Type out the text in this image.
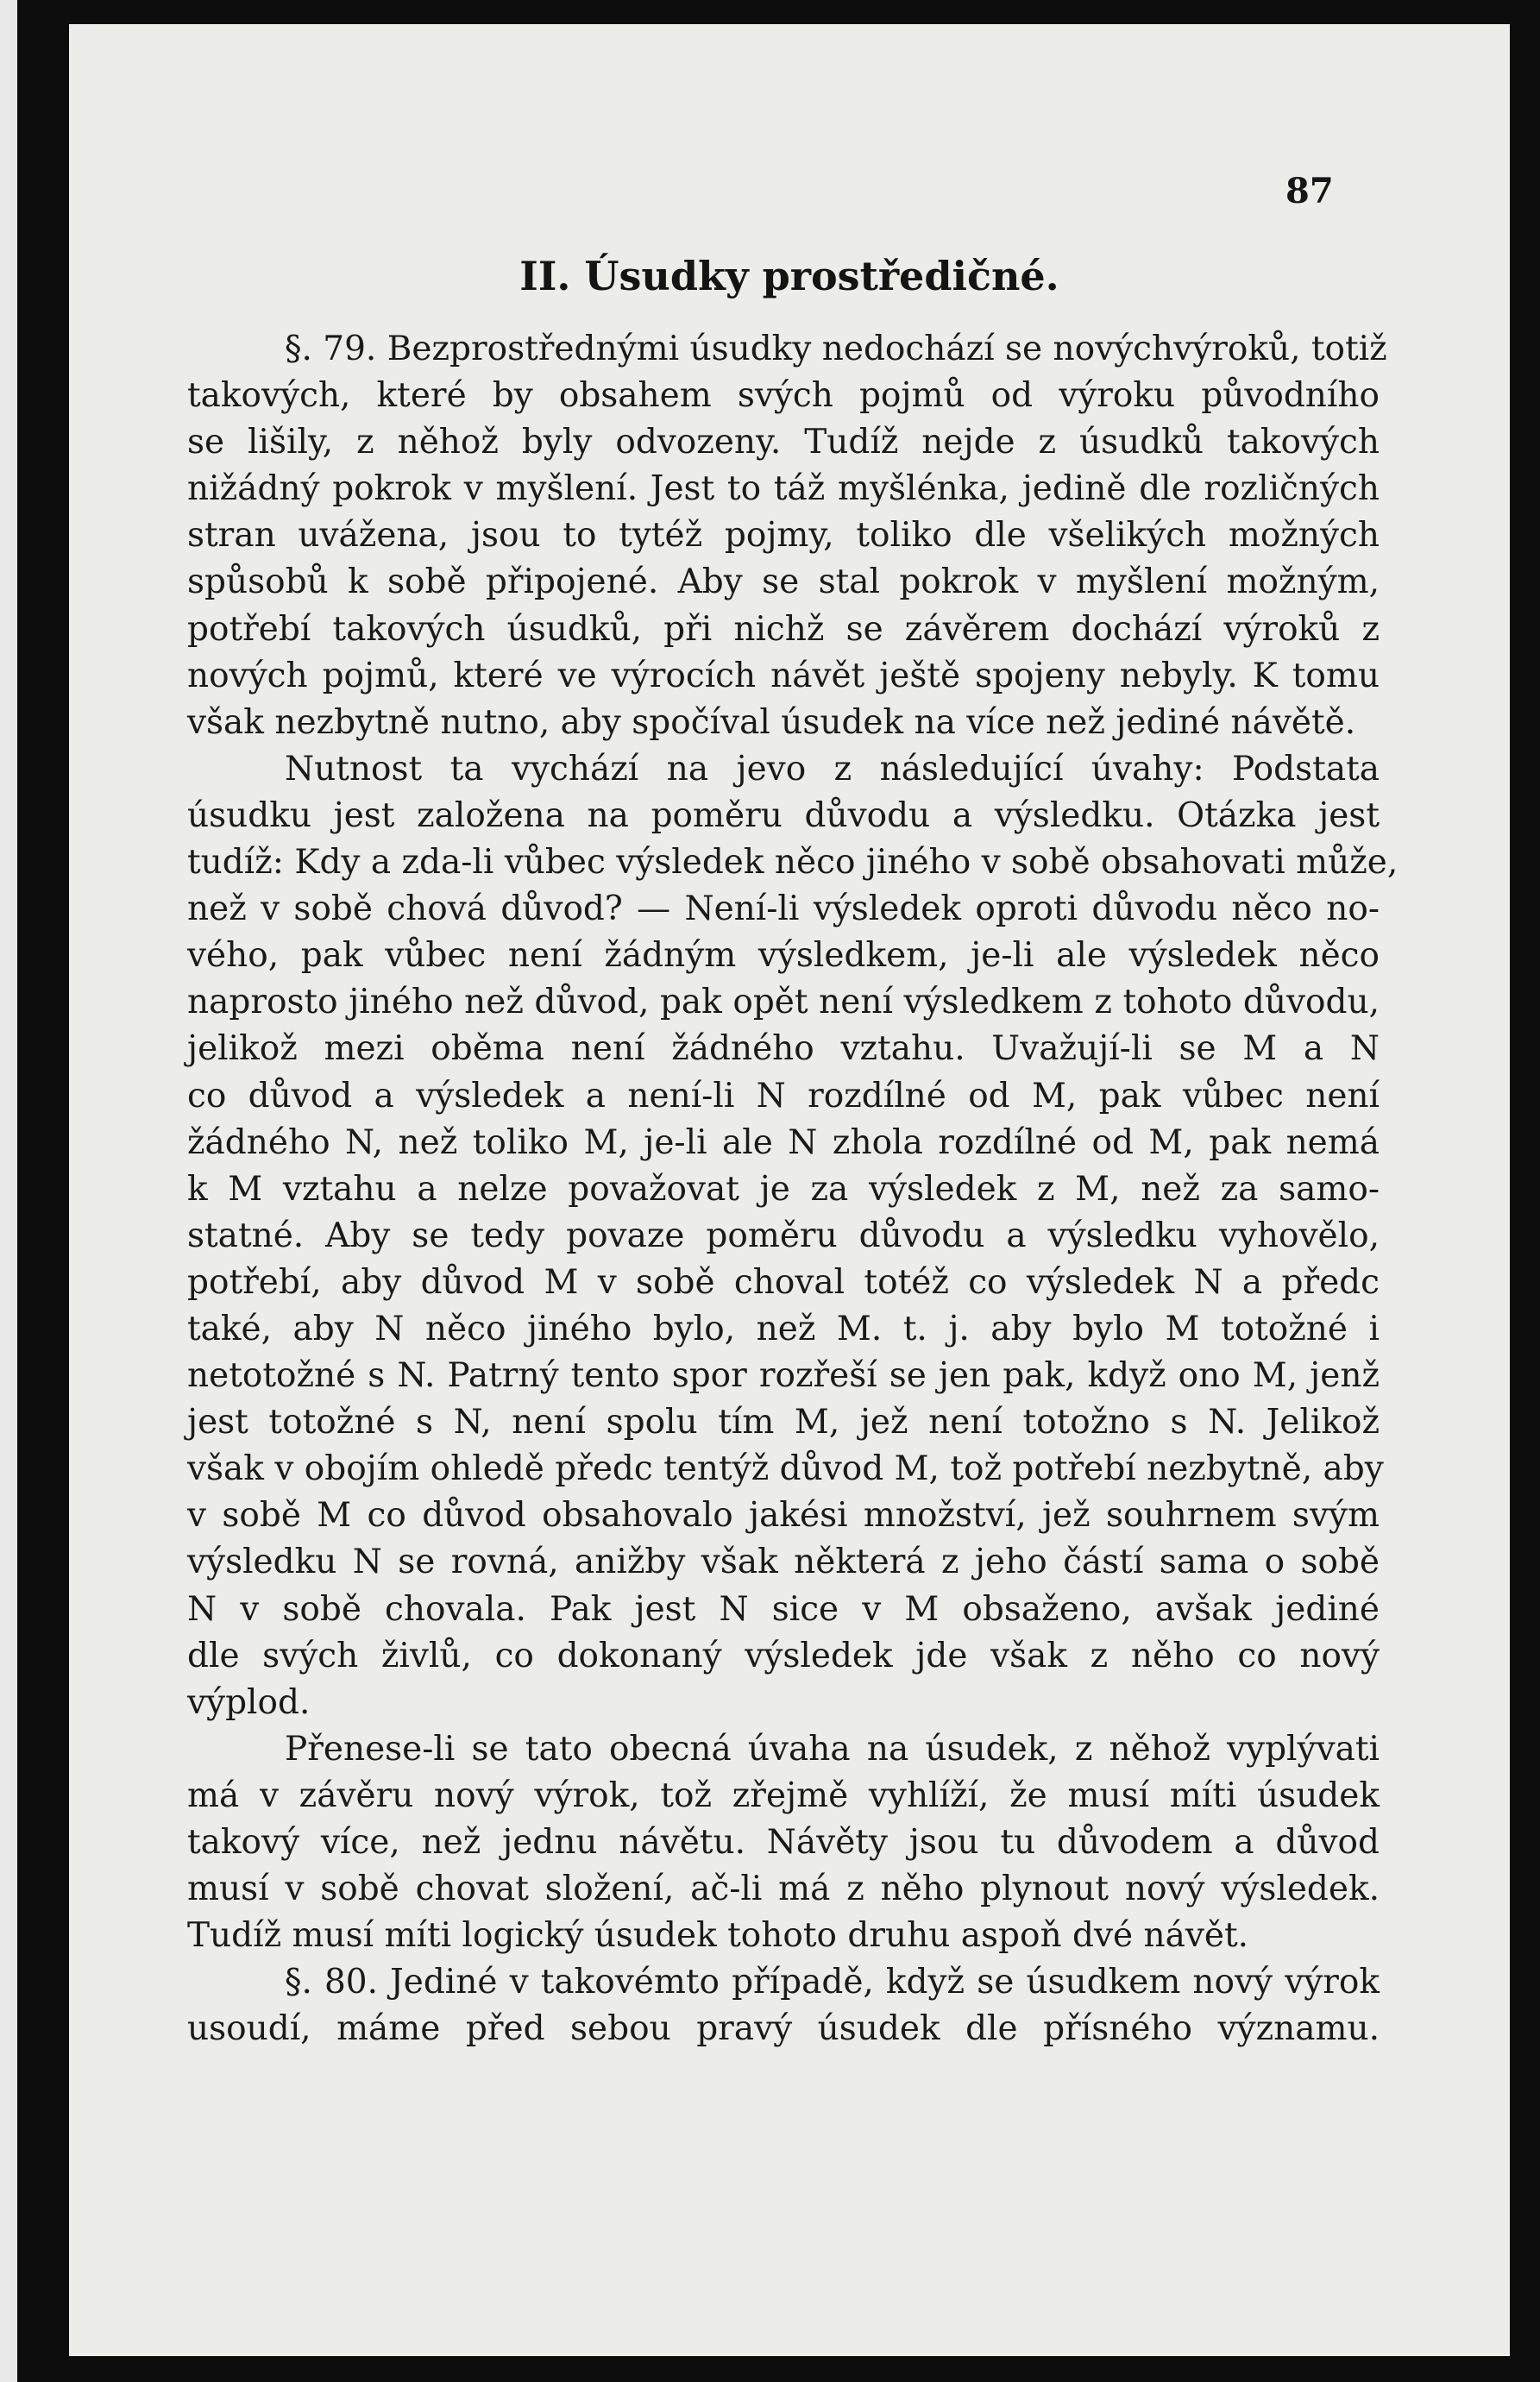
87
II. Úsudky prostředičné.
§. 79. Bezprostřednými úsudky nedochází se novýchvýroků, totiž
takových, které by obsahem svých pojmů od výroku původního
se lišily, z něhož byly odvozeny. Tudíž nejde z úsudků takových
nižádný pokrok v myšlení. Jest to táž myšlénka, jedině dle rozličných
stran uvážena, jsou to tytéž pojmy, toliko dle všelikých možných
spůsobů k sobě připojené. Aby se stal pokrok v myšlení možným,
potřebí takových úsudků, při nichž se závěrem dochází výroků z
nových pojmů, které ve výrocích návět ještě spojeny nebyly. K tomu
však nezbytně nutno, aby spočíval úsudek na více než jediné návětě.
Nutnost ta vychází na jevo z následující úvahy: Podstata
úsudku jest založena na poměru důvodu a výsledku. Otázka jest
tudíž: Kdy a zda-li vůbec výsledek něco jiného v sobě obsahovati může,
než v sobě chová důvod? — Není-li výsledek oproti důvodu něco no-
vého, pak vůbec není žádným výsledkem, je-li ale výsledek něco
naprosto jiného než důvod, pak opět není výsledkem z tohoto důvodu,
jelikož mezi oběma není žádného vztahu. Uvažují-li se M a N
co důvod a výsledek a není-li N rozdílné od M, pak vůbec není
žádného N, než toliko M, je-li ale N zhola rozdílné od M, pak nemá
k M vztahu a nelze považovat je za výsledek z M, než za samo-
statné. Aby se tedy povaze poměru důvodu a výsledku vyhovělo,
potřebí, aby důvod M v sobě choval totéž co výsledek N a předc
také, aby N něco jiného bylo, než M. t. j. aby bylo M totožné i
netotožné s N. Patrný tento spor rozřeší se jen pak, když ono M, jenž
jest totožné s N, není spolu tím M, jež není totožno s N. Jelikož
však v obojím ohledě předc tentýž důvod M, tož potřebí nezbytně, aby
v sobě M co důvod obsahovalo jakési množství, jež souhrnem svým
výsledku N se rovná, anižby však některá z jeho částí sama o sobě
N v sobě chovala. Pak jest N sice v M obsaženo, avšak jediné
dle svých živlů, co dokonaný výsledek jde však z něho co nový
výplod.
Přenese-li se tato obecná úvaha na úsudek, z něhož vyplývati
má v závěru nový výrok, tož zřejmě vyhlíží, že musí míti úsudek
takový více, než jednu návětu. Návěty jsou tu důvodem a důvod
musí v sobě chovat složení, ač-li má z něho plynout nový výsledek.
Tudíž musí míti logický úsudek tohoto druhu aspoň dvé návět.
§. 80. Jediné v takovémto případě, když se úsudkem nový výrok
usoudí, máme před sebou pravý úsudek dle přísného významu.
